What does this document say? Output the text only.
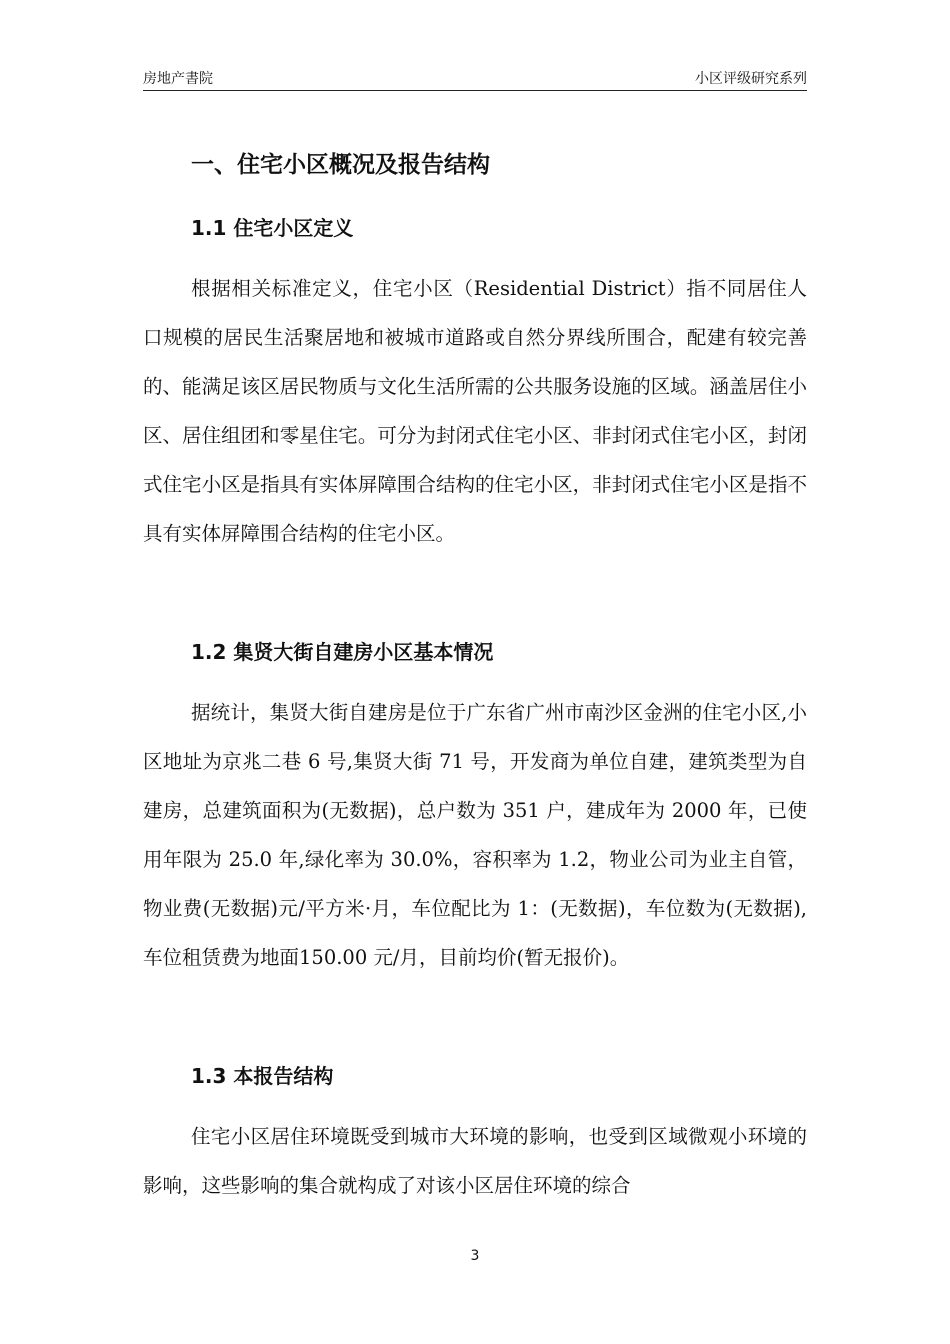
房地产書院	小区评级研究系列
一、住宅小区概况及报告结构
1.1 住宅小区定义

根据相关标准定义，住宅小区（Residential District）指不同居住人口规模的居民生活聚居地和被城市道路或自然分界线所围合，配建有较完善的、能满足该区居民物质与文化生活所需的公共服务设施的区域。涵盖居住小区、居住组团和零星住宅。可分为封闭式住宅小区、非封闭式住宅小区，封闭式住宅小区是指具有实体屏障围合结构的住宅小区，非封闭式住宅小区是指不具有实体屏障围合结构的住宅小区。

1.2 集贤大街自建房小区基本情况

据统计，集贤大街自建房是位于广东省广州市南沙区金洲的住宅小区,小区地址为京兆二巷 6 号,集贤大街 71 号，开发商为单位自建，建筑类型为自建房，总建筑面积为(无数据)，总户数为 351 户，建成年为 2000 年，已使用年限为 25.0 年,绿化率为 30.0%，容积率为 1.2，物业公司为业主自管，物业费(无数据)元/平方米·月，车位配比为 1：(无数据)，车位数为(无数据),车位租赁费为地面150.00 元/月，目前均价(暂无报价)。

1.3 本报告结构

住宅小区居住环境既受到城市大环境的影响，也受到区域微观小环境的影响，这些影响的集合就构成了对该小区居住环境的综合

3
